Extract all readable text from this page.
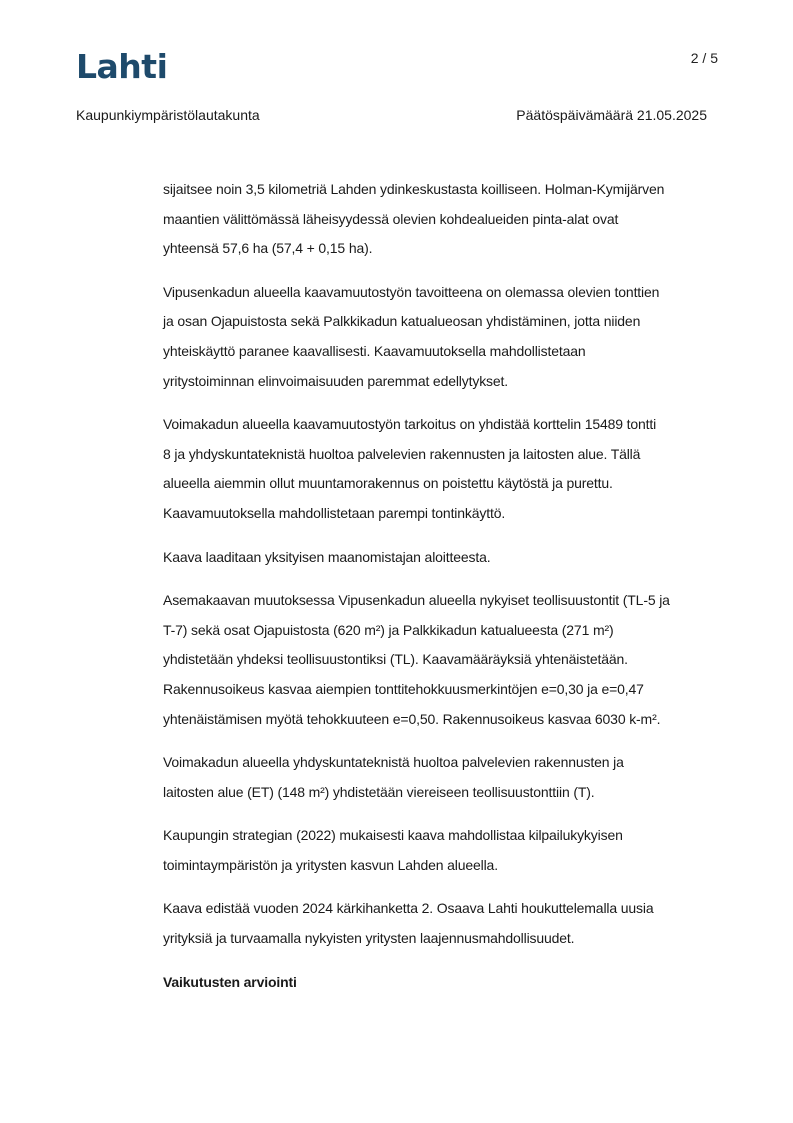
Lahti	2 / 5
Kaupunkiympäristölautakunta	Päätöspäivämäärä 21.05.2025

sijaitsee noin 3,5 kilometriä Lahden ydinkeskustasta koilliseen. Holman-Kymijärven
maantien välittömässä läheisyydessä olevien kohdealueiden pinta-alat ovat
yhteensä 57,6 ha (57,4 + 0,15 ha).

Vipusenkadun alueella kaavamuutostyön tavoitteena on olemassa olevien tonttien
ja osan Ojapuistosta sekä Palkkikadun katualueosan yhdistäminen, jotta niiden
yhteiskäyttö paranee kaavallisesti. Kaavamuutoksella mahdollistetaan
yritystoiminnan elinvoimaisuuden paremmat edellytykset.

Voimakadun alueella kaavamuutostyön tarkoitus on yhdistää korttelin 15489 tontti
8 ja yhdyskuntateknistä huoltoa palvelevien rakennusten ja laitosten alue. Tällä
alueella aiemmin ollut muuntamorakennus on poistettu käytöstä ja purettu.
Kaavamuutoksella mahdollistetaan parempi tontinkäyttö.

Kaava laaditaan yksityisen maanomistajan aloitteesta.

Asemakaavan muutoksessa Vipusenkadun alueella nykyiset teollisuustontit (TL-5 ja
T-7) sekä osat Ojapuistosta (620 m²) ja Palkkikadun katualueesta (271 m²)
yhdistetään yhdeksi teollisuustontiksi (TL). Kaavamääräyksiä yhtenäistetään.
Rakennusoikeus kasvaa aiempien tonttitehokkuusmerkintöjen e=0,30 ja e=0,47
yhtenäistämisen myötä tehokkuuteen e=0,50. Rakennusoikeus kasvaa 6030 k-m².

Voimakadun alueella yhdyskuntateknistä huoltoa palvelevien rakennusten ja
laitosten alue (ET) (148 m²) yhdistetään viereiseen teollisuustonttiin (T).

Kaupungin strategian (2022) mukaisesti kaava mahdollistaa kilpailukykyisen
toimintaympäristön ja yritysten kasvun Lahden alueella.

Kaava edistää vuoden 2024 kärkihanketta 2. Osaava Lahti houkuttelemalla uusia
yrityksiä ja turvaamalla nykyisten yritysten laajennusmahdollisuudet.

Vaikutusten arviointi
